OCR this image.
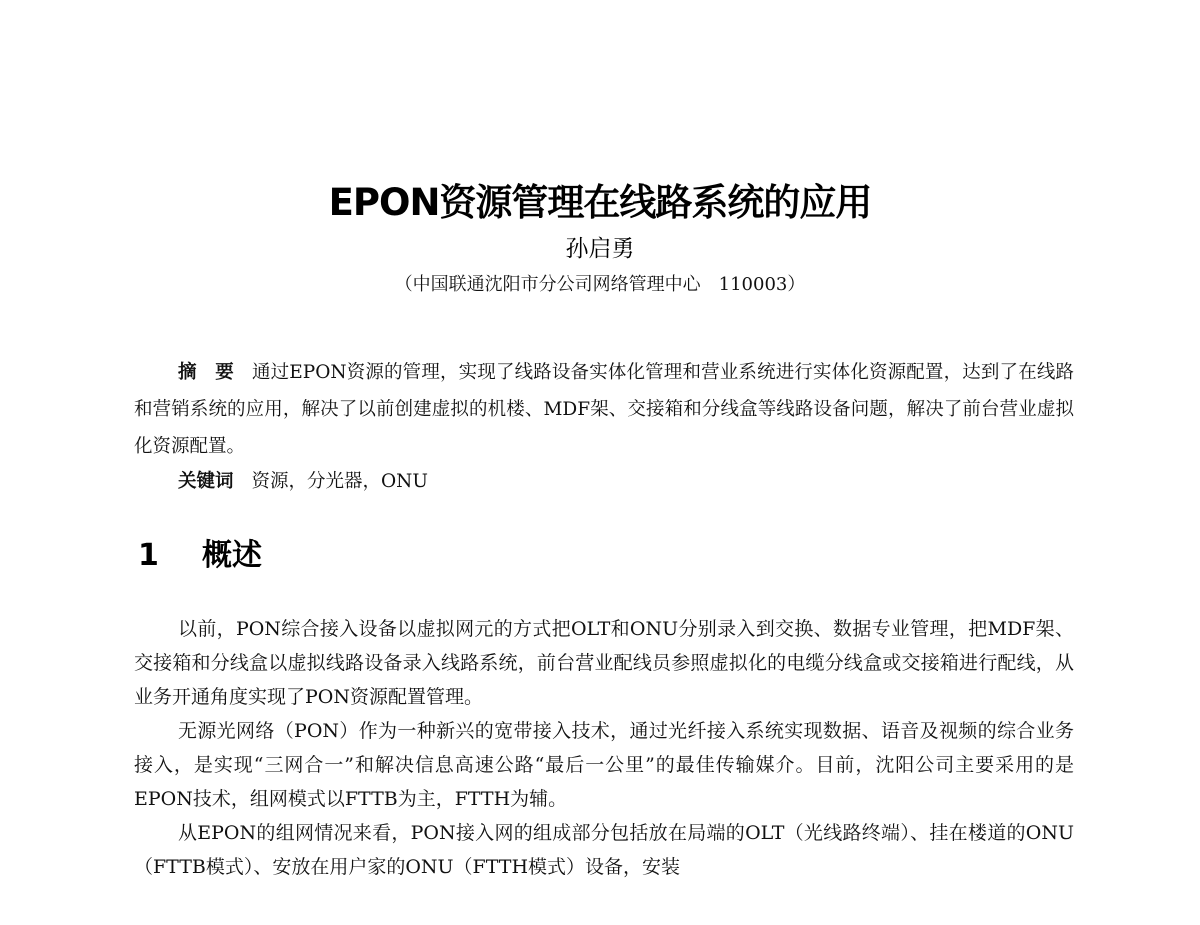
EPON资源管理在线路系统的应用
孙启勇
（中国联通沈阳市分公司网络管理中心　110003）

摘　要 通过EPON资源的管理，实现了线路设备实体化管理和营业系统进行实体化资源配置，达到了在线路和营销系统的应用，解决了以前创建虚拟的机楼、MDF架、交接箱和分线盒等线路设备问题，解决了前台营业虚拟化资源配置。

关键词 资源，分光器，ONU

1 概述

以前，PON综合接入设备以虚拟网元的方式把OLT和ONU分别录入到交换、数据专业管理，把MDF架、交接箱和分线盒以虚拟线路设备录入线路系统，前台营业配线员参照虚拟化的电缆分线盒或交接箱进行配线，从业务开通角度实现了PON资源配置管理。

无源光网络（PON）作为一种新兴的宽带接入技术，通过光纤接入系统实现数据、语音及视频的综合业务接入，是实现“三网合一”和解决信息高速公路“最后一公里”的最佳传输媒介。目前，沈阳公司主要采用的是EPON技术，组网模式以FTTB为主，FTTH为辅。

从EPON的组网情况来看，PON接入网的组成部分包括放在局端的OLT（光线路终端）、挂在楼道的ONU（FTTB模式）、安放在用户家的ONU（FTTH模式）设备，安装
